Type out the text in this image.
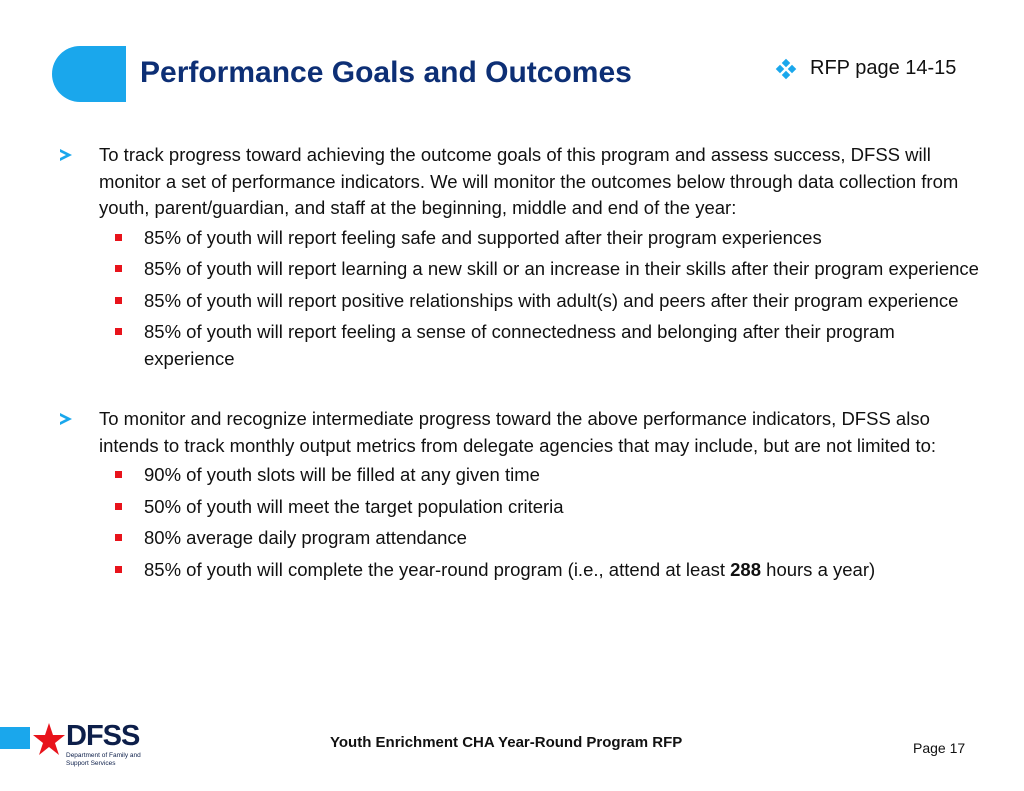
Performance Goals and Outcomes	RFP page 14-15

To track progress toward achieving the outcome goals of this program and assess success, DFSS will monitor a set of performance indicators. We will monitor the outcomes below through data collection from youth, parent/guardian, and staff at the beginning, middle and end of the year:

85% of youth will report feeling safe and supported after their program experiences
85% of youth will report learning a new skill or an increase in their skills after their program experience
85% of youth will report positive relationships with adult(s) and peers after their program experience
85% of youth will report feeling a sense of connectedness and belonging after their program experience

To monitor and recognize intermediate progress toward the above performance indicators, DFSS also intends to track monthly output metrics from delegate agencies that may include, but are not limited to:

90% of youth slots will be filled at any given time
50% of youth will meet the target population criteria
80% average daily program attendance
85% of youth will complete the year-round program (i.e., attend at least 288 hours a year)
DFSS
Department of Family and Support Services
Youth Enrichment CHA Year-Round Program RFP	Page 17
